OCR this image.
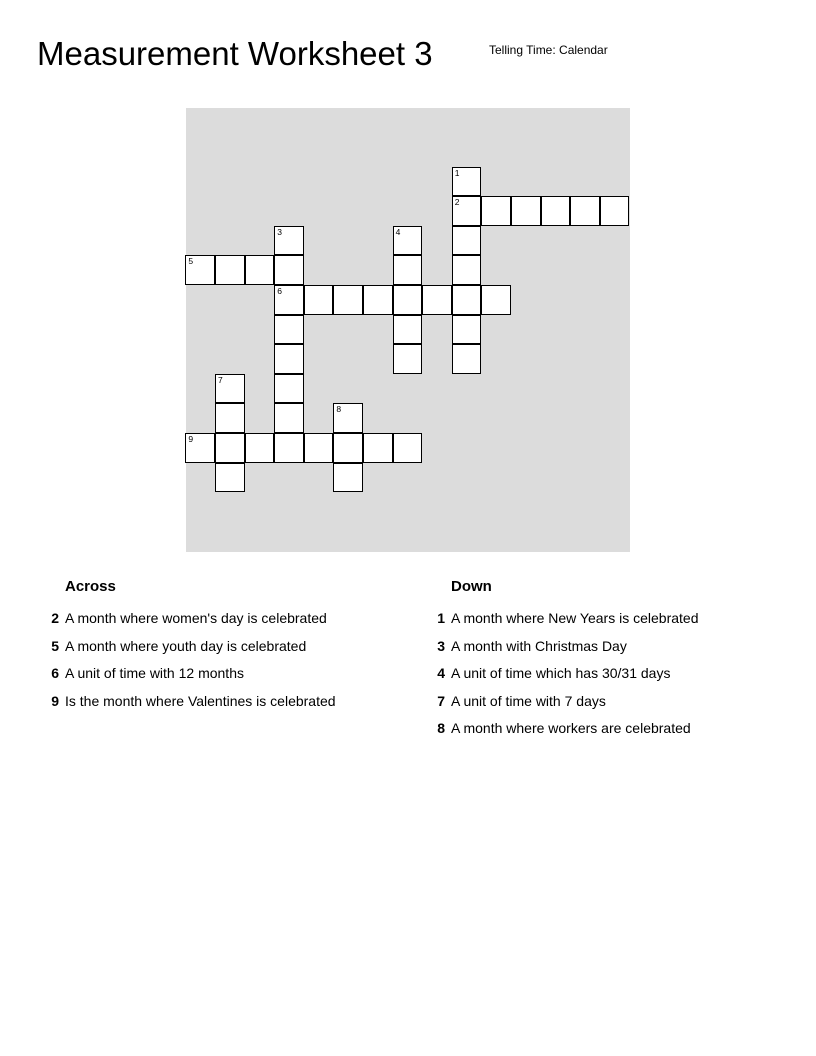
Measurement Worksheet 3	Telling Time: Calendar
1
2
3
6
4
5
7
8
9
Across	Down
2 A month where women's day is celebrated
5 A month where youth day is celebrated
6 A unit of time with 12 months
9 Is the month where Valentines is celebrated
1 A month where New Years is celebrated
3 A month with Christmas Day
4 A unit of time which has 30/31 days
7 A unit of time with 7 days
8 A month where workers are celebrated
